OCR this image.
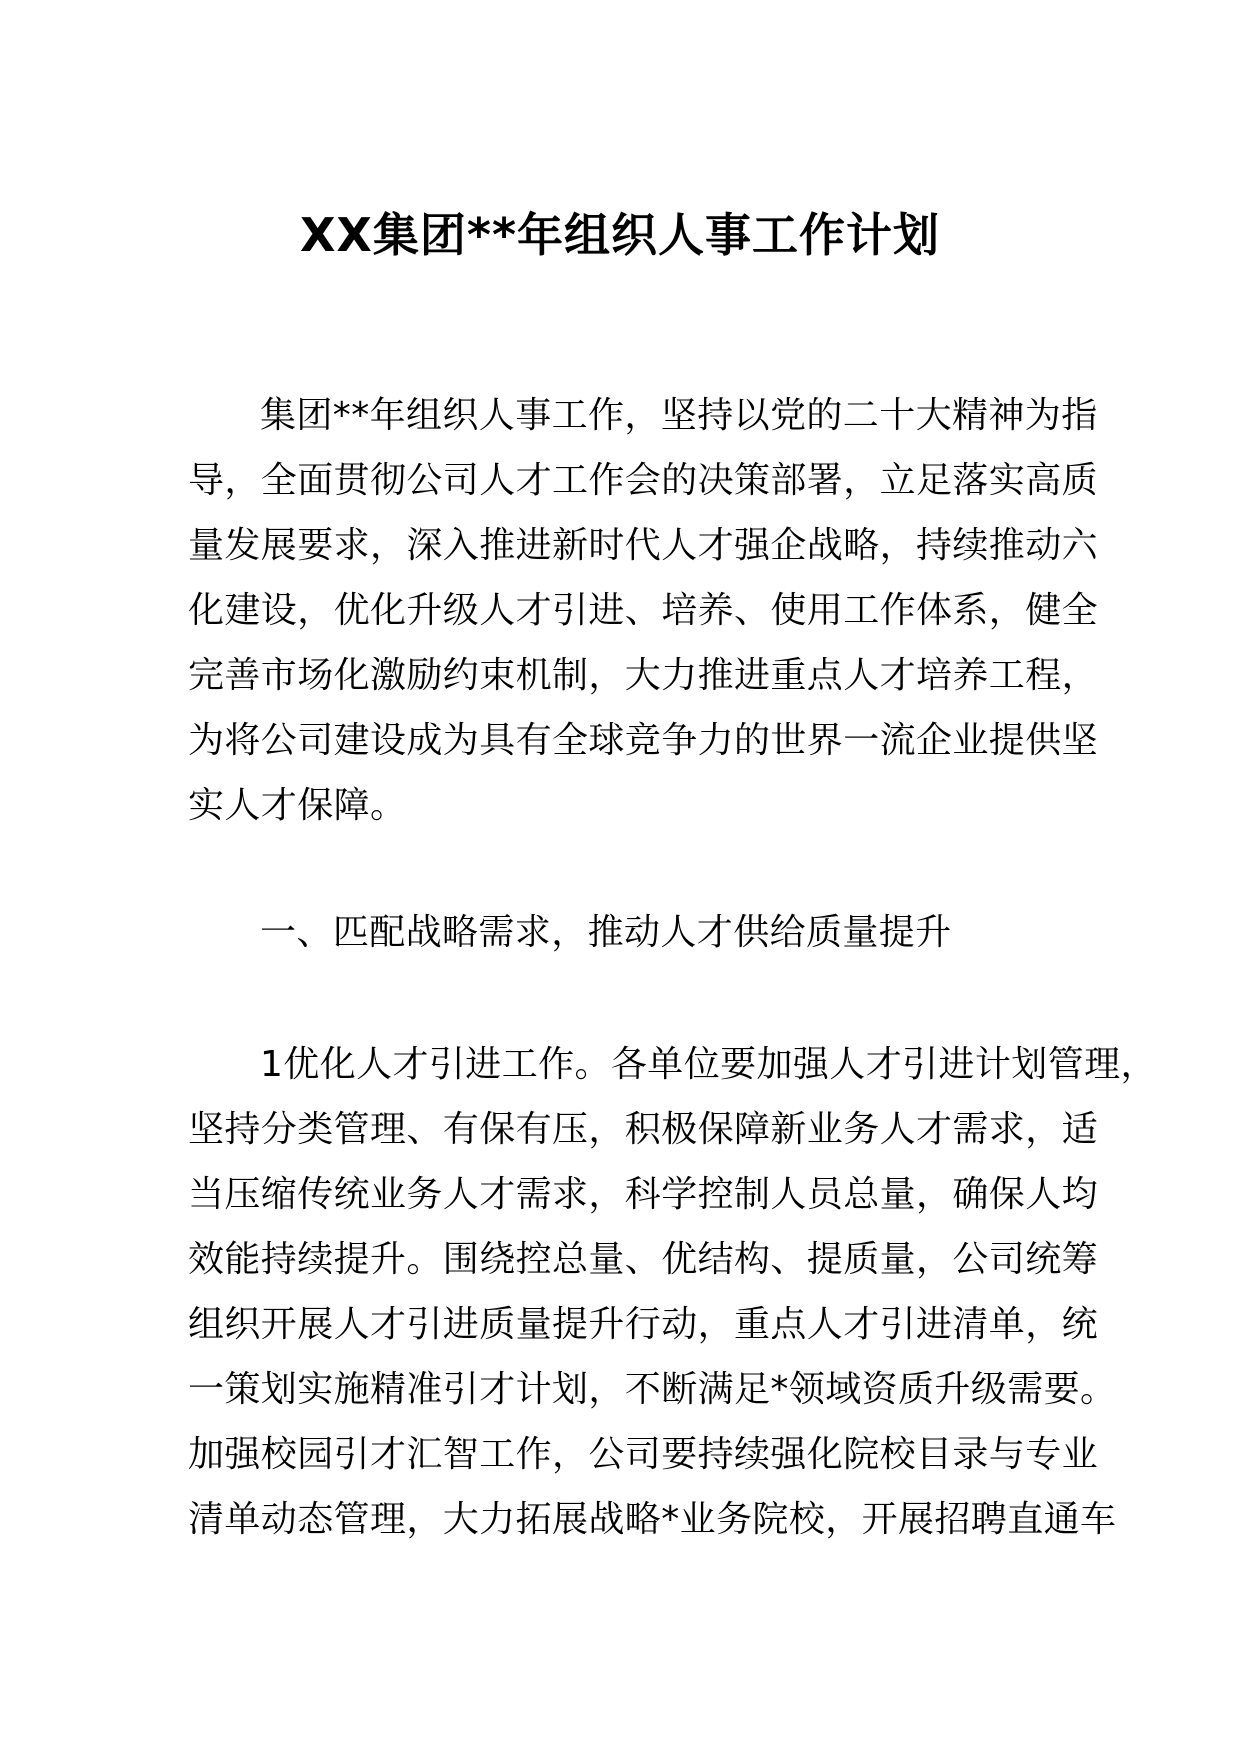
XX集团**年组织人事工作计划
集团**年组织人事工作，坚持以党的二十大精神为指
导，全面贯彻公司人才工作会的决策部署，立足落实高质
量发展要求，深入推进新时代人才强企战略，持续推动六
化建设，优化升级人才引进、培养、使用工作体系，健全
完善市场化激励约束机制，大力推进重点人才培养工程，
为将公司建设成为具有全球竞争力的世界一流企业提供坚
实人才保障。
一、匹配战略需求，推动人才供给质量提升
1优化人才引进工作。各单位要加强人才引进计划管理，
坚持分类管理、有保有压，积极保障新业务人才需求，适
当压缩传统业务人才需求，科学控制人员总量，确保人均
效能持续提升。围绕控总量、优结构、提质量，公司统筹
组织开展人才引进质量提升行动，重点人才引进清单，统
一策划实施精准引才计划，不断满足*领域资质升级需要。
加强校园引才汇智工作，公司要持续强化院校目录与专业
清单动态管理，大力拓展战略*业务院校，开展招聘直通车
